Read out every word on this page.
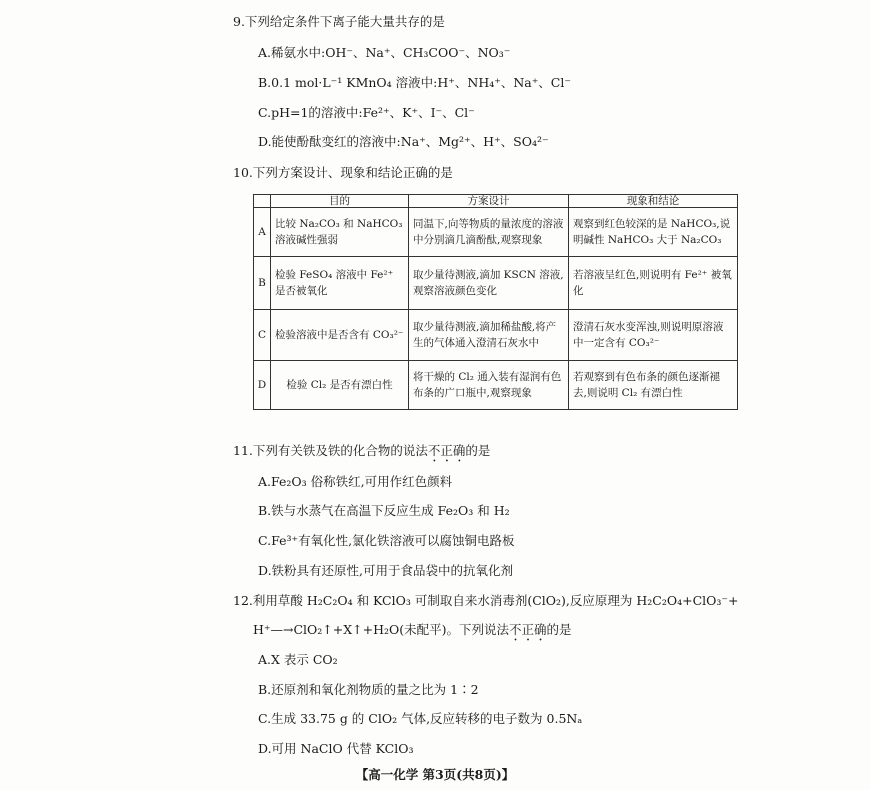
9.下列给定条件下离子能大量共存的是
A.稀氨水中:OH⁻、Na⁺、CH₃COO⁻、NO₃⁻
B.0.1 mol·L⁻¹ KMnO₄ 溶液中:H⁺、NH₄⁺、Na⁺、Cl⁻
C.pH=1的溶液中:Fe²⁺、K⁺、I⁻、Cl⁻
D.能使酚酞变红的溶液中:Na⁺、Mg²⁺、H⁺、SO₄²⁻
10.下列方案设计、现象和结论正确的是
	目的	方案设计	现象和结论
A	比较 Na₂CO₃ 和 NaHCO₃ 溶液碱性强弱	同温下,向等物质的量浓度的溶液中分别滴几滴酚酞,观察现象	观察到红色较深的是 NaHCO₃,说明碱性 NaHCO₃ 大于 Na₂CO₃
B	检验 FeSO₄ 溶液中 Fe²⁺ 是否被氧化	取少量待测液,滴加 KSCN 溶液,观察溶液颜色变化	若溶液呈红色,则说明有 Fe²⁺ 被氧化
C	检验溶液中是否含有 CO₃²⁻	取少量待测液,滴加稀盐酸,将产生的气体通入澄清石灰水中	澄清石灰水变浑浊,则说明原溶液中一定含有 CO₃²⁻
D	检验 Cl₂ 是否有漂白性	将干燥的 Cl₂ 通入装有湿润有色布条的广口瓶中,观察现象	若观察到有色布条的颜色逐渐褪去,则说明 Cl₂ 有漂白性
11.下列有关铁及铁的化合物的说法不正确的是
A.Fe₂O₃ 俗称铁红,可用作红色颜料
B.铁与水蒸气在高温下反应生成 Fe₂O₃ 和 H₂
C.Fe³⁺有氧化性,氯化铁溶液可以腐蚀铜电路板
D.铁粉具有还原性,可用于食品袋中的抗氧化剂
12.利用草酸 H₂C₂O₄ 和 KClO₃ 可制取自来水消毒剂(ClO₂),反应原理为 H₂C₂O₄+ClO₃⁻+
H⁺—→ClO₂↑+X↑+H₂O(未配平)。下列说法不正确的是
A.X 表示 CO₂
B.还原剂和氧化剂物质的量之比为 1∶2
C.生成 33.75 g 的 ClO₂ 气体,反应转移的电子数为 0.5Nₐ
D.可用 NaClO 代替 KClO₃
【高一化学 第3页(共8页)】
